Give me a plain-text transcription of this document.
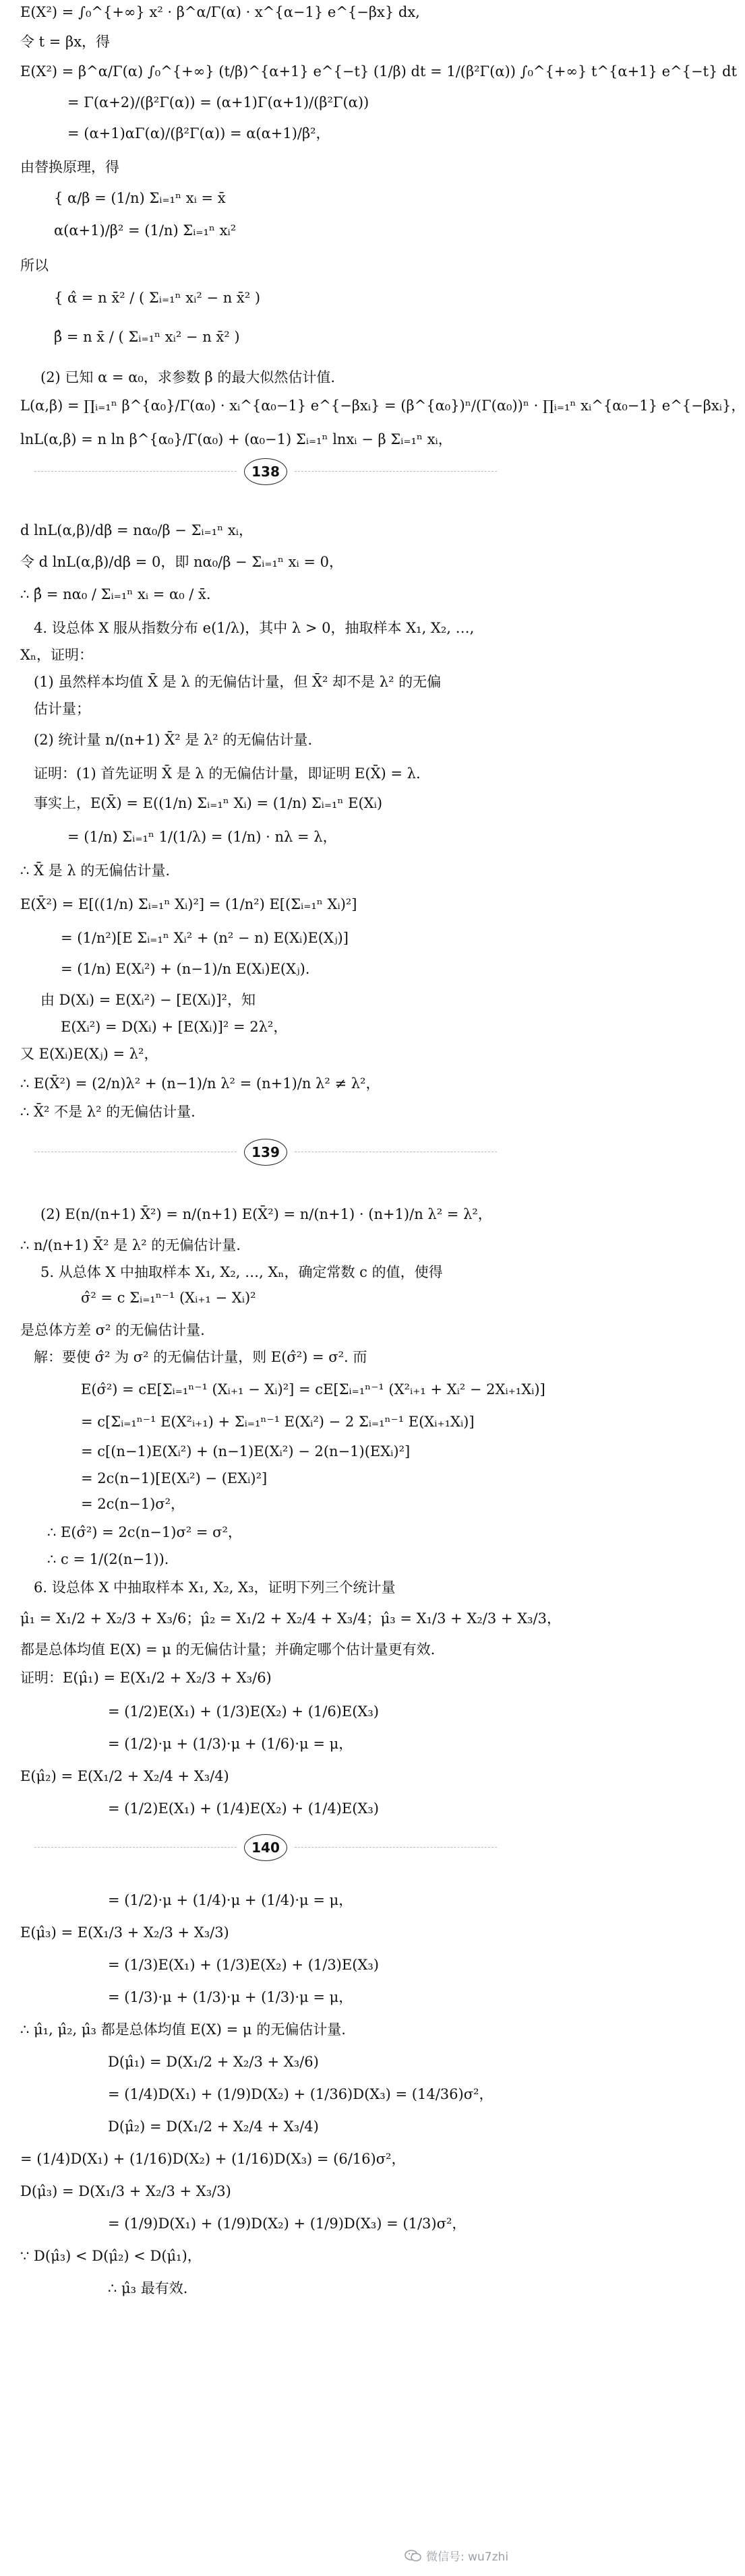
E(X²) = ∫₀^{+∞} x² · β^α/Γ(α) · x^{α−1} e^{−βx} dx,
令 t = βx，得
E(X²) = β^α/Γ(α) ∫₀^{+∞} (t/β)^{α+1} e^{−t} (1/β) dt = 1/(β²Γ(α)) ∫₀^{+∞} t^{α+1} e^{−t} dt
= Γ(α+2)/(β²Γ(α)) = (α+1)Γ(α+1)/(β²Γ(α))
= (α+1)αΓ(α)/(β²Γ(α)) = α(α+1)/β²，
由替换原理，得
{ α/β = (1/n) Σᵢ₌₁ⁿ xᵢ = x̄
α(α+1)/β² = (1/n) Σᵢ₌₁ⁿ xᵢ²
所以
{ α̂ = n x̄² / ( Σᵢ₌₁ⁿ xᵢ² − n x̄² )
β̂ = n x̄ / ( Σᵢ₌₁ⁿ xᵢ² − n x̄² )
(2) 已知 α = α₀，求参数 β 的最大似然估计值.
L(α,β) = ∏ᵢ₌₁ⁿ β^{α₀}/Γ(α₀) · xᵢ^{α₀−1} e^{−βxᵢ} = (β^{α₀})ⁿ/(Γ(α₀))ⁿ · ∏ᵢ₌₁ⁿ xᵢ^{α₀−1} e^{−βxᵢ}，
lnL(α,β) = n ln β^{α₀}/Γ(α₀) + (α₀−1) Σᵢ₌₁ⁿ lnxᵢ − β Σᵢ₌₁ⁿ xᵢ，
138
d lnL(α,β)/dβ = nα₀/β − Σᵢ₌₁ⁿ xᵢ，
令 d lnL(α,β)/dβ = 0，即 nα₀/β − Σᵢ₌₁ⁿ xᵢ = 0，
∴ β̂ = nα₀ / Σᵢ₌₁ⁿ xᵢ = α₀ / x̄.
4. 设总体 X 服从指数分布 e(1/λ)，其中 λ > 0，抽取样本 X₁, X₂, …,
Xₙ，证明：
(1) 虽然样本均值 X̄ 是 λ 的无偏估计量，但 X̄² 却不是 λ² 的无偏
估计量；
(2) 统计量 n/(n+1) X̄² 是 λ² 的无偏估计量.
证明：(1) 首先证明 X̄ 是 λ 的无偏估计量，即证明 E(X̄) = λ.
事实上，E(X̄) = E((1/n) Σᵢ₌₁ⁿ Xᵢ) = (1/n) Σᵢ₌₁ⁿ E(Xᵢ)
= (1/n) Σᵢ₌₁ⁿ 1/(1/λ) = (1/n) · nλ = λ，
∴ X̄ 是 λ 的无偏估计量.
E(X̄²) = E[((1/n) Σᵢ₌₁ⁿ Xᵢ)²] = (1/n²) E[(Σᵢ₌₁ⁿ Xᵢ)²]
= (1/n²)[E Σᵢ₌₁ⁿ Xᵢ² + (n² − n) E(Xᵢ)E(Xⱼ)]
= (1/n) E(Xᵢ²) + (n−1)/n E(Xᵢ)E(Xⱼ).
由 D(Xᵢ) = E(Xᵢ²) − [E(Xᵢ)]²，知
E(Xᵢ²) = D(Xᵢ) + [E(Xᵢ)]² = 2λ²，
又 E(Xᵢ)E(Xⱼ) = λ²，
∴ E(X̄²) = (2/n)λ² + (n−1)/n λ² = (n+1)/n λ² ≠ λ²，
∴ X̄² 不是 λ² 的无偏估计量.
139
(2) E(n/(n+1) X̄²) = n/(n+1) E(X̄²) = n/(n+1) · (n+1)/n λ² = λ²，
∴ n/(n+1) X̄² 是 λ² 的无偏估计量.
5. 从总体 X 中抽取样本 X₁, X₂, …, Xₙ，确定常数 c 的值，使得
σ̂² = c Σᵢ₌₁ⁿ⁻¹ (Xᵢ₊₁ − Xᵢ)²
是总体方差 σ² 的无偏估计量.
解：要使 σ̂² 为 σ² 的无偏估计量，则 E(σ̂²) = σ². 而
E(σ̂²) = cE[Σᵢ₌₁ⁿ⁻¹ (Xᵢ₊₁ − Xᵢ)²] = cE[Σᵢ₌₁ⁿ⁻¹ (X²ᵢ₊₁ + Xᵢ² − 2Xᵢ₊₁Xᵢ)]
= c[Σᵢ₌₁ⁿ⁻¹ E(X²ᵢ₊₁) + Σᵢ₌₁ⁿ⁻¹ E(Xᵢ²) − 2 Σᵢ₌₁ⁿ⁻¹ E(Xᵢ₊₁Xᵢ)]
= c[(n−1)E(Xᵢ²) + (n−1)E(Xᵢ²) − 2(n−1)(EXᵢ)²]
= 2c(n−1)[E(Xᵢ²) − (EXᵢ)²]
= 2c(n−1)σ²，
∴ E(σ̂²) = 2c(n−1)σ² = σ²，
∴ c = 1/(2(n−1)).
6. 设总体 X 中抽取样本 X₁, X₂, X₃，证明下列三个统计量
μ̂₁ = X₁/2 + X₂/3 + X₃/6；μ̂₂ = X₁/2 + X₂/4 + X₃/4；μ̂₃ = X₁/3 + X₂/3 + X₃/3，
都是总体均值 E(X) = μ 的无偏估计量；并确定哪个估计量更有效.
证明：E(μ̂₁) = E(X₁/2 + X₂/3 + X₃/6)
= (1/2)E(X₁) + (1/3)E(X₂) + (1/6)E(X₃)
= (1/2)·μ + (1/3)·μ + (1/6)·μ = μ，
E(μ̂₂) = E(X₁/2 + X₂/4 + X₃/4)
= (1/2)E(X₁) + (1/4)E(X₂) + (1/4)E(X₃)
140
= (1/2)·μ + (1/4)·μ + (1/4)·μ = μ，
E(μ̂₃) = E(X₁/3 + X₂/3 + X₃/3)
= (1/3)E(X₁) + (1/3)E(X₂) + (1/3)E(X₃)
= (1/3)·μ + (1/3)·μ + (1/3)·μ = μ，
∴ μ̂₁, μ̂₂, μ̂₃ 都是总体均值 E(X) = μ 的无偏估计量.
D(μ̂₁) = D(X₁/2 + X₂/3 + X₃/6)
= (1/4)D(X₁) + (1/9)D(X₂) + (1/36)D(X₃) = (14/36)σ²，
D(μ̂₂) = D(X₁/2 + X₂/4 + X₃/4)
= (1/4)D(X₁) + (1/16)D(X₂) + (1/16)D(X₃) = (6/16)σ²，
D(μ̂₃) = D(X₁/3 + X₂/3 + X₃/3)
= (1/9)D(X₁) + (1/9)D(X₂) + (1/9)D(X₃) = (1/3)σ²，
∵ D(μ̂₃) < D(μ̂₂) < D(μ̂₁)，
∴ μ̂₃ 最有效.
微信号: wu7zhi
